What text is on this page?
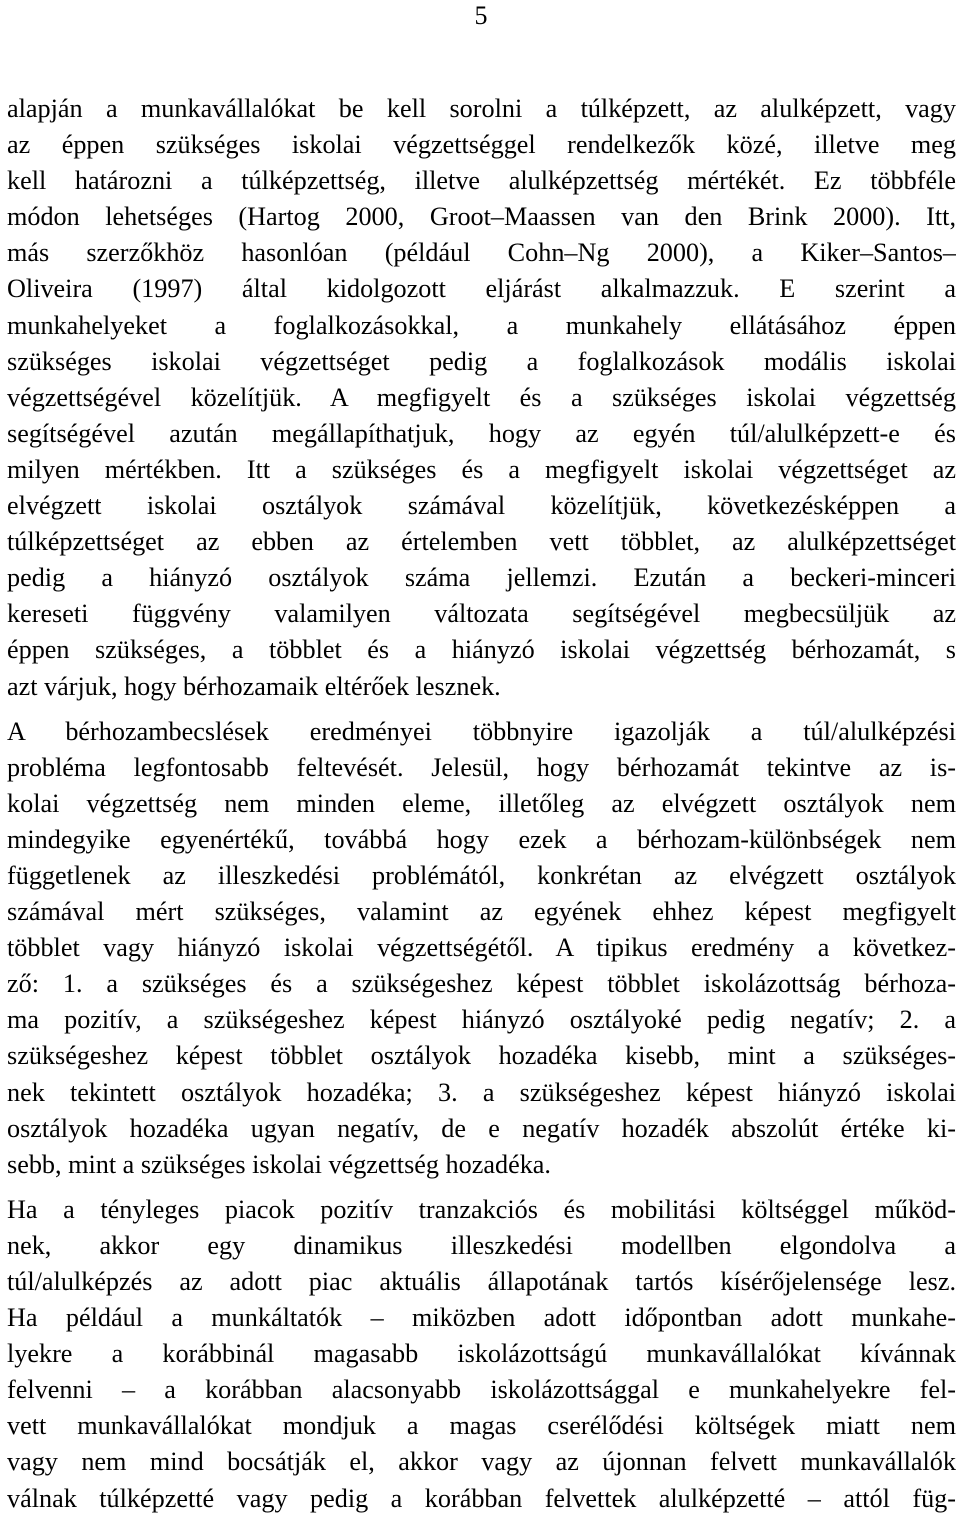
5

alapján a munkavállalókat be kell sorolni a túlképzett, az alulképzett, vagy
az éppen szükséges iskolai végzettséggel rendelkezők közé, illetve meg
kell határozni a túlképzettség, illetve alulképzettség mértékét. Ez többféle
módon lehetséges (Hartog 2000, Groot–Maassen van den Brink 2000). Itt,
más szerzőkhöz hasonlóan (például Cohn–Ng 2000), a Kiker–Santos–
Oliveira (1997) által kidolgozott eljárást alkalmazzuk. E szerint a
munkahelyeket a foglalkozásokkal, a munkahely ellátásához éppen
szükséges iskolai végzettséget pedig a foglalkozások modális iskolai
végzettségével közelítjük. A megfigyelt és a szükséges iskolai végzettség
segítségével azután megállapíthatjuk, hogy az egyén túl/alulképzett-e és
milyen mértékben. Itt a szükséges és a megfigyelt iskolai végzettséget az
elvégzett iskolai osztályok számával közelítjük, következésképpen a
túlképzettséget az ebben az értelemben vett többlet, az alulképzettséget
pedig a hiányzó osztályok száma jellemzi. Ezután a beckeri-minceri
kereseti függvény valamilyen változata segítségével megbecsüljük az
éppen szükséges, a többlet és a hiányzó iskolai végzettség bérhozamát, s
azt várjuk, hogy bérhozamaik eltérőek lesznek.

A bérhozambecslések eredményei többnyire igazolják a túl/alulképzési
probléma legfontosabb feltevését. Jelesül, hogy bérhozamát tekintve az is-
kolai végzettség nem minden eleme, illetőleg az elvégzett osztályok nem
mindegyike egyenértékű, továbbá hogy ezek a bérhozam-különbségek nem
függetlenek az illeszkedési problémától, konkrétan az elvégzett osztályok
számával mért szükséges, valamint az egyének ehhez képest megfigyelt
többlet vagy hiányzó iskolai végzettségétől. A tipikus eredmény a következ-
ző: 1. a szükséges és a szükségeshez képest többlet iskolázottság bérhoza-
ma pozitív, a szükségeshez képest hiányzó osztályoké pedig negatív; 2. a
szükségeshez képest többlet osztályok hozadéka kisebb, mint a szükséges-
nek tekintett osztályok hozadéka; 3. a szükségeshez képest hiányzó iskolai
osztályok hozadéka ugyan negatív, de e negatív hozadék abszolút értéke ki-
sebb, mint a szükséges iskolai végzettség hozadéka.

Ha a tényleges piacok pozitív tranzakciós és mobilitási költséggel működ-
nek, akkor egy dinamikus illeszkedési modellben elgondolva a
túl/alulképzés az adott piac aktuális állapotának tartós kísérőjelensége lesz.
Ha például a munkáltatók – miközben adott időpontban adott munkahe-
lyekre a korábbinál magasabb iskolázottságú munkavállalókat kívánnak
felvenni – a korábban alacsonyabb iskolázottsággal e munkahelyekre fel-
vett munkavállalókat mondjuk a magas cserélődési költségek miatt nem
vagy nem mind bocsátják el, akkor vagy az újonnan felvett munkavállalók
válnak túlképzetté vagy pedig a korábban felvettek alulképzetté – attól füg-
